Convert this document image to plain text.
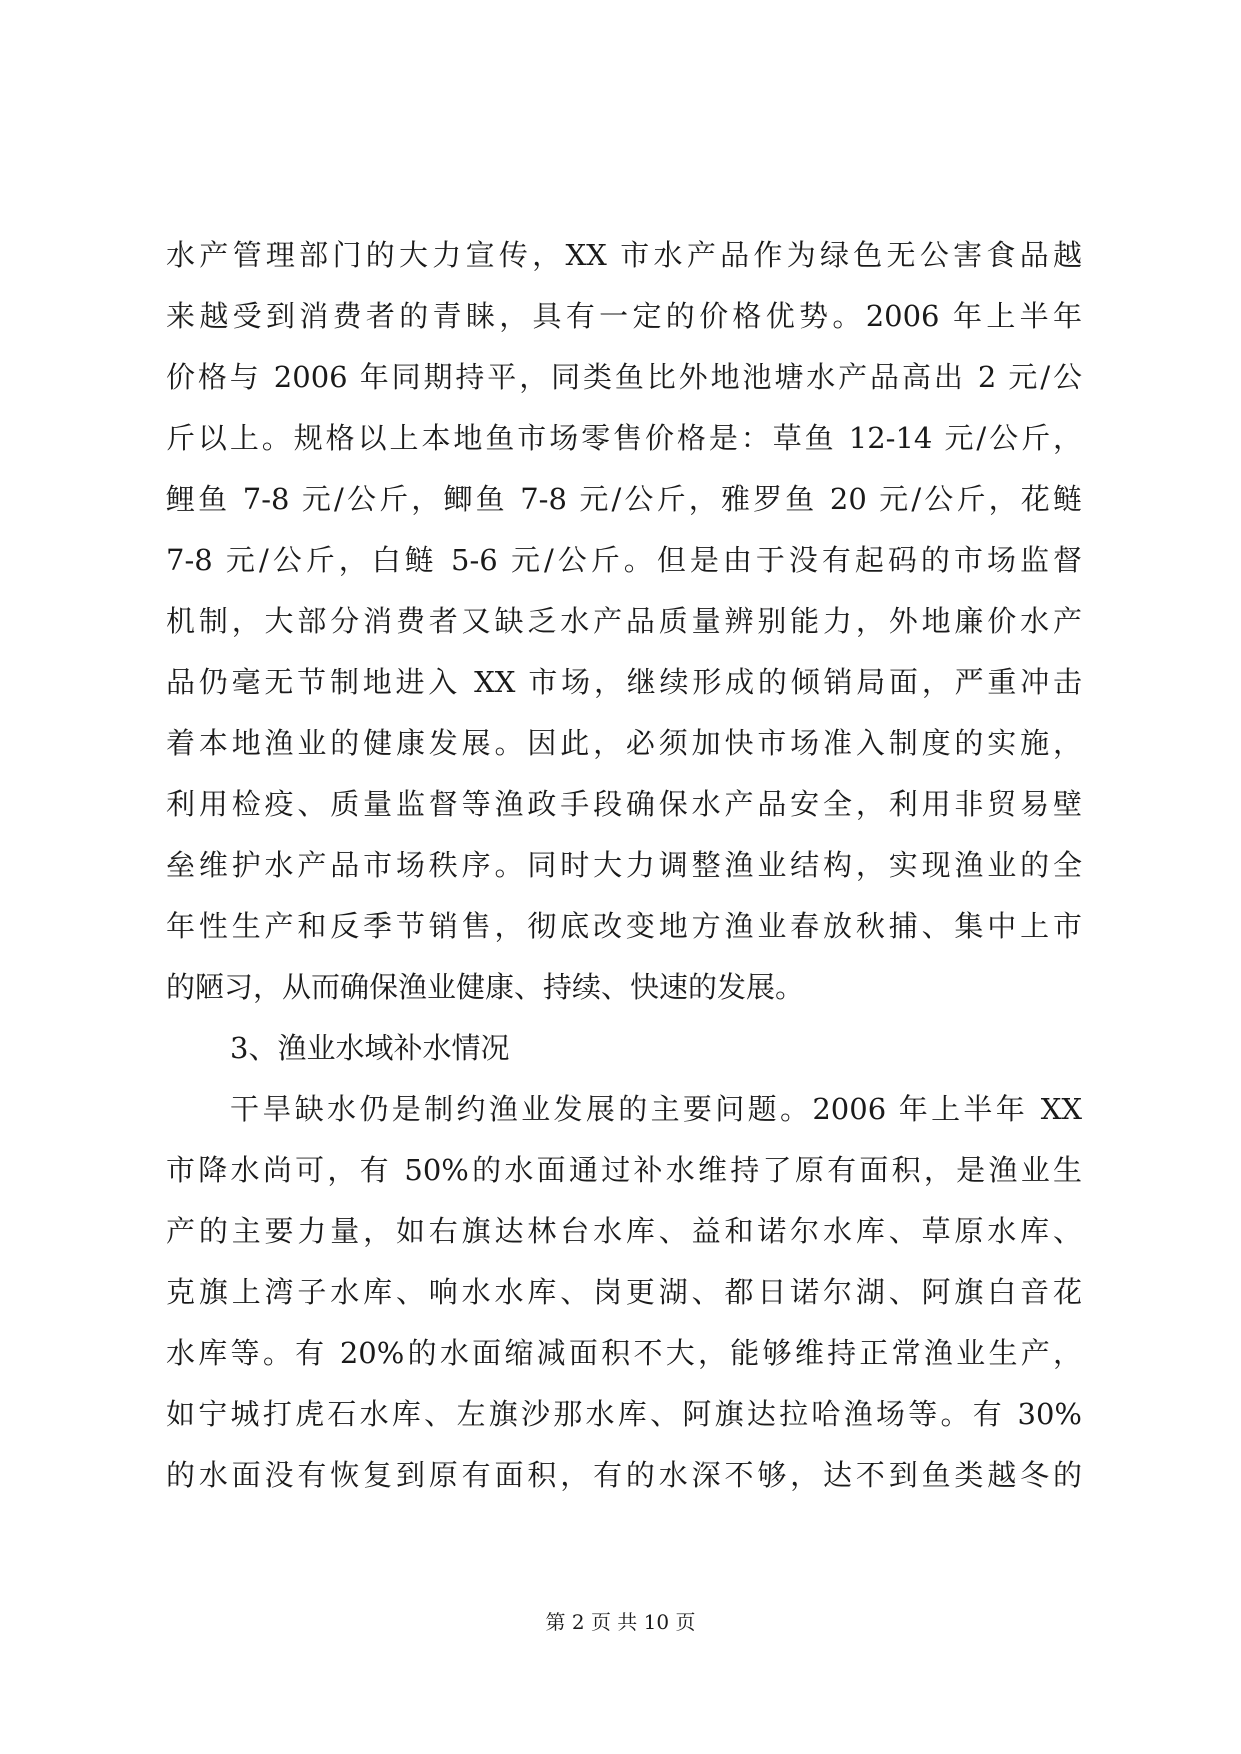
水产管理部门的大力宣传，XX 市水产品作为绿色无公害食品越
来越受到消费者的青睐，具有一定的价格优势。2006 年上半年
价格与 2006 年同期持平，同类鱼比外地池塘水产品高出 2 元/公
斤以上。规格以上本地鱼市场零售价格是：草鱼 12-14 元/公斤，
鲤鱼 7-8 元/公斤，鲫鱼 7-8 元/公斤，雅罗鱼 20 元/公斤，花鲢
7-8 元/公斤，白鲢 5-6 元/公斤。但是由于没有起码的市场监督
机制，大部分消费者又缺乏水产品质量辨别能力，外地廉价水产
品仍毫无节制地进入 XX 市场，继续形成的倾销局面，严重冲击
着本地渔业的健康发展。因此，必须加快市场准入制度的实施，
利用检疫、质量监督等渔政手段确保水产品安全，利用非贸易壁
垒维护水产品市场秩序。同时大力调整渔业结构，实现渔业的全
年性生产和反季节销售，彻底改变地方渔业春放秋捕、集中上市
的陋习，从而确保渔业健康、持续、快速的发展。
3、渔业水域补水情况
干旱缺水仍是制约渔业发展的主要问题。2006 年上半年 XX
市降水尚可，有 50%的水面通过补水维持了原有面积，是渔业生
产的主要力量，如右旗达林台水库、益和诺尔水库、草原水库、
克旗上湾子水库、响水水库、岗更湖、都日诺尔湖、阿旗白音花
水库等。有 20%的水面缩减面积不大，能够维持正常渔业生产，
如宁城打虎石水库、左旗沙那水库、阿旗达拉哈渔场等。有 30%
的水面没有恢复到原有面积，有的水深不够，达不到鱼类越冬的
第 2 页 共 10 页
